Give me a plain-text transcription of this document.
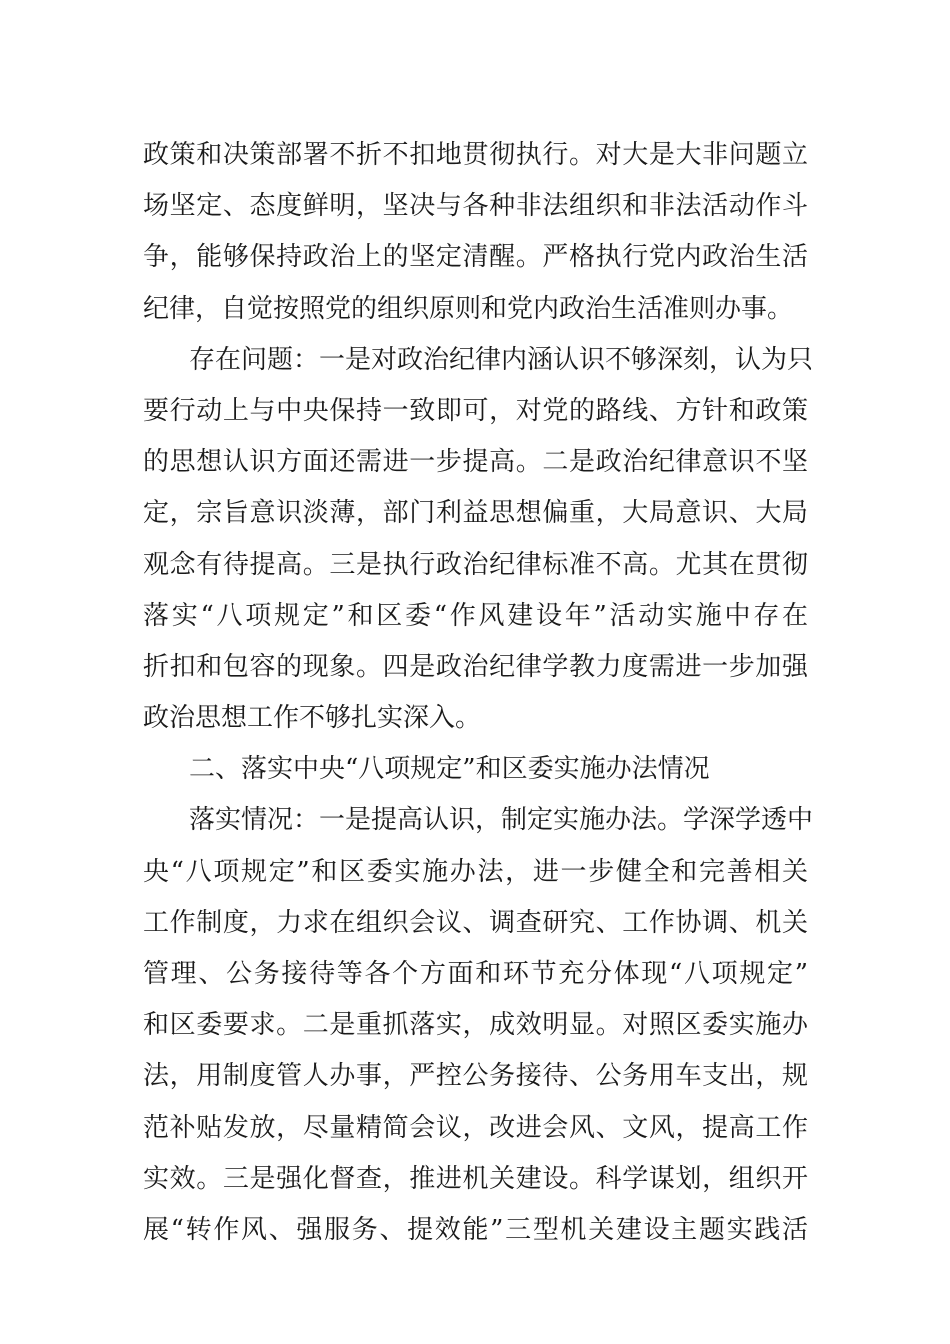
政策和决策部署不折不扣地贯彻执行。对大是大非问题立
场坚定、态度鲜明，坚决与各种非法组织和非法活动作斗
争，能够保持政治上的坚定清醒。严格执行党内政治生活
纪律，自觉按照党的组织原则和党内政治生活准则办事。
存在问题：一是对政治纪律内涵认识不够深刻，认为只
要行动上与中央保持一致即可，对党的路线、方针和政策
的思想认识方面还需进一步提高。二是政治纪律意识不坚
定，宗旨意识淡薄，部门利益思想偏重，大局意识、大局
观念有待提高。三是执行政治纪律标准不高。尤其在贯彻
落实“八项规定”和区委“作风建设年”活动实施中存在
折扣和包容的现象。四是政治纪律学教力度需进一步加强
政治思想工作不够扎实深入。
二、落实中央“八项规定”和区委实施办法情况
落实情况：一是提高认识，制定实施办法。学深学透中
央“八项规定”和区委实施办法，进一步健全和完善相关
工作制度，力求在组织会议、调查研究、工作协调、机关
管理、公务接待等各个方面和环节充分体现“八项规定”
和区委要求。二是重抓落实，成效明显。对照区委实施办
法，用制度管人办事，严控公务接待、公务用车支出，规
范补贴发放，尽量精简会议，改进会风、文风，提高工作
实效。三是强化督查，推进机关建设。科学谋划，组织开
展“转作风、强服务、提效能”三型机关建设主题实践活
